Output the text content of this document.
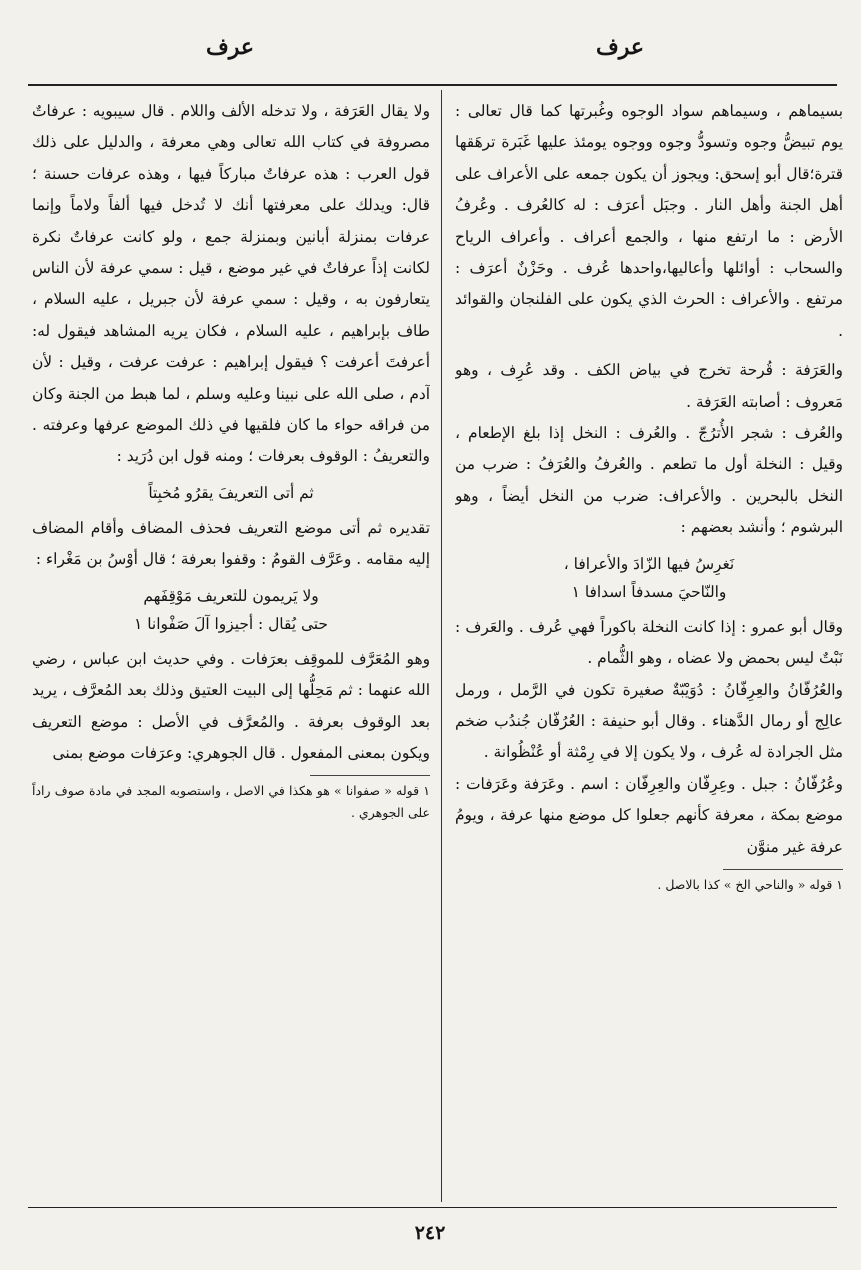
عرف
عرف

بسيماهم ، وسيماهم سواد الوجوه وغُبرتها كما قال تعالى : يوم تبيضُّ وجوه وتسودُّ وجوه ووجوه يومئذ عليها غَبَرة ترهَقها قترة؛قال أبو إسحق: ويجوز أن يكون جمعه على الأعراف على أهل الجنة وأهل النار . وجبَل أعرَف : له كالعُرف . وعُرفُ الأرض : ما ارتفع منها ، والجمع أعراف . وأعراف الرياح والسحاب : أوائلها وأعاليها،واحدها عُرف . وحَزْنٌ أعرَف : مرتفع . والأعراف : الحرث الذي يكون على الفلنجان والقوائد .

والعَرَفة : قُرحة تخرج في بياض الكف . وقد عُرِف ، وهو مَعروف : أصابته العَرَفة .

والعُرف : شجر الأُترُجّ . والعُرف : النخل إذا بلغ الإطعام ، وقيل : النخلة أول ما تطعم . والعُرفُ والعُرَفُ : ضرب من النخل بالبحرين . والأعراف: ضرب من النخل أيضاً ، وهو البرشوم ؛ وأنشد بعضهم :

نَغرِسُ فيها الزّادَ والأعرافا ،
والنّاحيَ مسدفاً اسدافا ١

وقال أبو عمرو : إذا كانت النخلة باكوراً فهي عُرف . والعَرف : نَبْتٌ ليس بحمض ولا عضاه ، وهو الثُّمام .

والعُرُفّانُ والعِرِفّانُ : دُوَيْبّةٌ صغيرة تكون في الرَّمل ، ورمل عالِج أو رمال الدَّهناء . وقال أبو حنيفة : العُرُفّان جُندُب ضخم مثل الجرادة له عُرف ، ولا يكون إلا في رِمْثة أو عُنْظُوانة .

وعُرُفّانُ : جبل . وعِرِفّان والعِرِفّان : اسم . وعَرَفة وعَرَفات : موضع بمكة ، معرفة كأنهم جعلوا كل موضع منها عرفة ، ويومُ عرفة غير منوَّن

١ قوله « والناحي الخ » كذا بالاصل .

ولا يقال العَرَفة ، ولا تدخله الألف واللام . قال سيبويه : عرفاتٌ مصروفة في كتاب الله تعالى وهي معرفة ، والدليل على ذلك قول العرب : هذه عرفاتٌ مباركاً فيها ، وهذه عرفات حسنة ؛ قال: ويدلك على معرفتها أنك لا تُدخل فيها ألفاً ولاماً وإنما عرفات بمنزلة أبانين وبمنزلة جمع ، ولو كانت عرفاتٌ نكرة لكانت إذاً عرفاتٌ في غير موضع ، قيل : سمي عرفة لأن الناس يتعارفون به ، وقيل : سمي عرفة لأن جبريل ، عليه السلام ، طاف بإبراهيم ، عليه السلام ، فكان يريه المشاهد فيقول له: أعرفتَ أعرفت ؟ فيقول إبراهيم : عرفت عرفت ، وقيل : لأن آدم ، صلى الله على نبينا وعليه وسلم ، لما هبط من الجنة وكان من فراقه حواء ما كان فلقيها في ذلك الموضع عرفها وعرفته . والتعريفُ : الوقوف بعرفات ؛ ومنه قول ابن دُرَيد :

ثم أتى التعريفَ يقرُو مُخبِتاً

تقديره ثم أتى موضع التعريف فحذف المضاف وأقام المضاف إليه مقامه . وعَرَّف القومُ : وقفوا بعرفة ؛ قال أوْسُ بن مَغْراء :

ولا يَريمون للتعريف مَوْقِفَهم
حتى يُقال : أجيزوا آلَ صَفْوانا ١

وهو المُعَرَّف للموقِف بعرَفات . وفي حديث ابن عباس ، رضي الله عنهما : ثم مَحِلُّها إلى البيت العتيق وذلك بعد المُعرَّف ، يريد بعد الوقوف بعرفة . والمُعرَّف في الأصل : موضع التعريف ويكون بمعنى المفعول . قال الجوهري: وعرَفات موضع بمنى

١ قوله « صفوانا » هو هكذا في الاصل ، واستصوبه المجد في مادة صوف راداً على الجوهري .

٢٤٢
